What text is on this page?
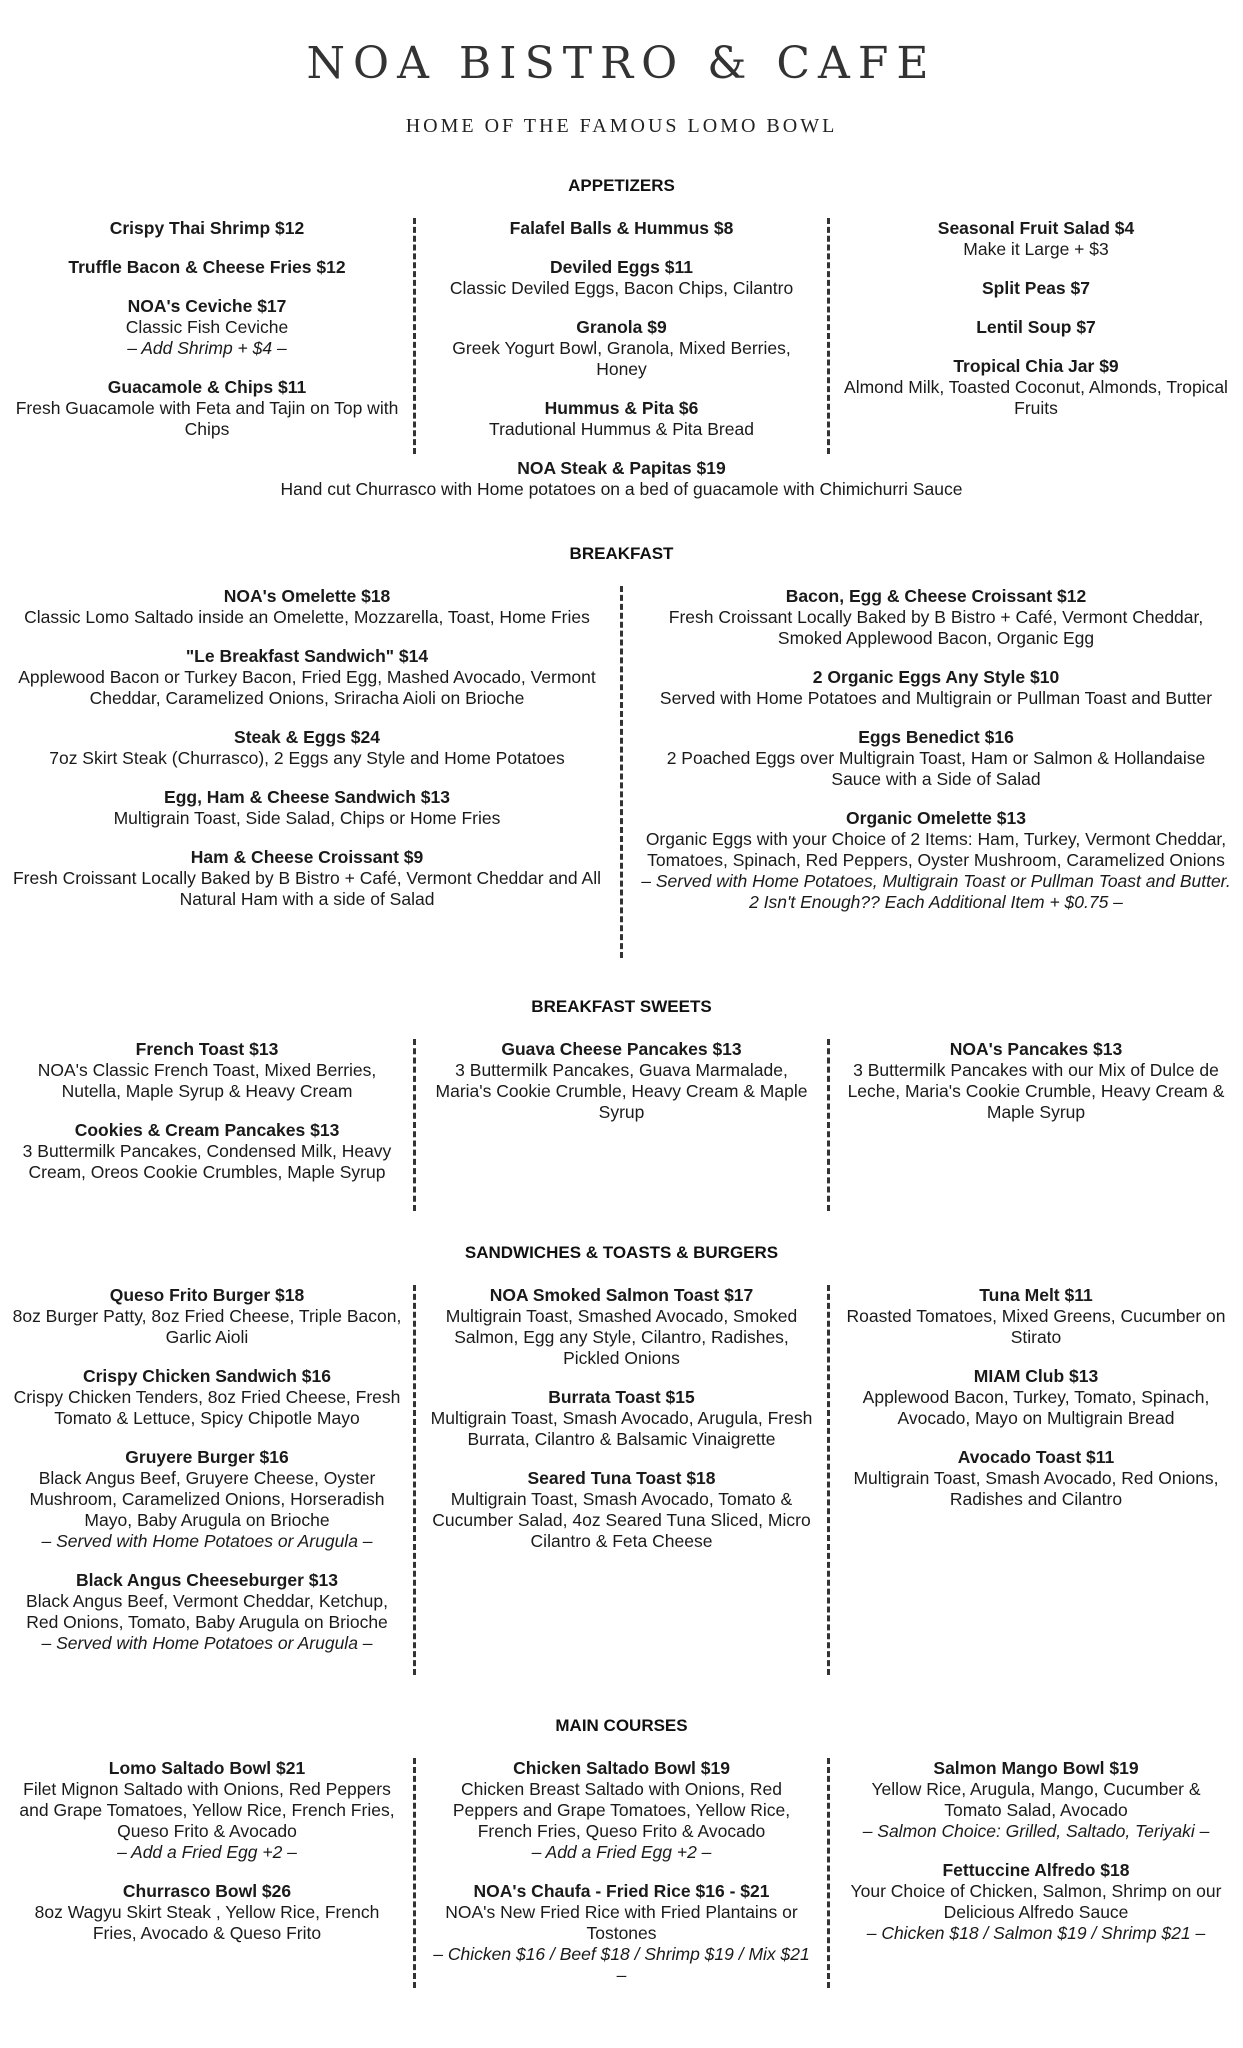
NOA BISTRO & CAFE
HOME OF THE FAMOUS LOMO BOWL
APPETIZERS
Crispy Thai Shrimp $12
Truffle Bacon & Cheese Fries $12
NOA's Ceviche $17
Classic Fish Ceviche
– Add Shrimp + $4 –
Guacamole & Chips $11
Fresh Guacamole with Feta and Tajin on Top with Chips
Falafel Balls & Hummus $8
Deviled Eggs $11
Classic Deviled Eggs, Bacon Chips, Cilantro
Granola $9
Greek Yogurt Bowl, Granola, Mixed Berries, Honey
Hummus & Pita $6
Tradutional Hummus & Pita Bread
Seasonal Fruit Salad $4
Make it Large + $3
Split Peas $7
Lentil Soup $7
Tropical Chia Jar $9
Almond Milk, Toasted Coconut, Almonds, Tropical Fruits
NOA Steak & Papitas $19
Hand cut Churrasco with Home potatoes on a bed of guacamole with Chimichurri Sauce
BREAKFAST
NOA's Omelette $18
Classic Lomo Saltado inside an Omelette, Mozzarella, Toast, Home Fries
"Le Breakfast Sandwich" $14
Applewood Bacon or Turkey Bacon, Fried Egg, Mashed Avocado, Vermont Cheddar, Caramelized Onions, Sriracha Aioli on Brioche
Steak & Eggs $24
7oz Skirt Steak (Churrasco), 2 Eggs any Style and Home Potatoes
Egg, Ham & Cheese Sandwich $13
Multigrain Toast, Side Salad, Chips or Home Fries
Ham & Cheese Croissant $9
Fresh Croissant Locally Baked by B Bistro + Café, Vermont Cheddar and All Natural Ham with a side of Salad
Bacon, Egg & Cheese Croissant $12
Fresh Croissant Locally Baked by B Bistro + Café, Vermont Cheddar, Smoked Applewood Bacon, Organic Egg
2 Organic Eggs Any Style $10
Served with Home Potatoes and Multigrain or Pullman Toast and Butter
Eggs Benedict $16
2 Poached Eggs over Multigrain Toast, Ham or Salmon & Hollandaise Sauce with a Side of Salad
Organic Omelette $13
Organic Eggs with your Choice of 2 Items: Ham, Turkey, Vermont Cheddar, Tomatoes, Spinach, Red Peppers, Oyster Mushroom, Caramelized Onions
– Served with Home Potatoes, Multigrain Toast or Pullman Toast and Butter. 2 Isn't Enough?? Each Additional Item + $0.75 –
BREAKFAST SWEETS
French Toast $13
NOA's Classic French Toast, Mixed Berries, Nutella, Maple Syrup & Heavy Cream
Cookies & Cream Pancakes $13
3 Buttermilk Pancakes, Condensed Milk, Heavy Cream, Oreos Cookie Crumbles, Maple Syrup
Guava Cheese Pancakes $13
3 Buttermilk Pancakes, Guava Marmalade, Maria's Cookie Crumble, Heavy Cream & Maple Syrup
NOA's Pancakes $13
3 Buttermilk Pancakes with our Mix of Dulce de Leche, Maria's Cookie Crumble, Heavy Cream & Maple Syrup
SANDWICHES & TOASTS & BURGERS
Queso Frito Burger $18
8oz Burger Patty, 8oz Fried Cheese, Triple Bacon, Garlic Aioli
Crispy Chicken Sandwich $16
Crispy Chicken Tenders, 8oz Fried Cheese, Fresh Tomato & Lettuce, Spicy Chipotle Mayo
Gruyere Burger $16
Black Angus Beef, Gruyere Cheese, Oyster Mushroom, Caramelized Onions, Horseradish Mayo, Baby Arugula on Brioche
– Served with Home Potatoes or Arugula –
Black Angus Cheeseburger $13
Black Angus Beef, Vermont Cheddar, Ketchup, Red Onions, Tomato, Baby Arugula on Brioche
– Served with Home Potatoes or Arugula –
NOA Smoked Salmon Toast $17
Multigrain Toast, Smashed Avocado, Smoked Salmon, Egg any Style, Cilantro, Radishes, Pickled Onions
Burrata Toast $15
Multigrain Toast, Smash Avocado, Arugula, Fresh Burrata, Cilantro & Balsamic Vinaigrette
Seared Tuna Toast $18
Multigrain Toast, Smash Avocado, Tomato & Cucumber Salad, 4oz Seared Tuna Sliced, Micro Cilantro & Feta Cheese
Tuna Melt $11
Roasted Tomatoes, Mixed Greens, Cucumber on Stirato
MIAM Club $13
Applewood Bacon, Turkey, Tomato, Spinach, Avocado, Mayo on Multigrain Bread
Avocado Toast $11
Multigrain Toast, Smash Avocado, Red Onions, Radishes and Cilantro
MAIN COURSES
Lomo Saltado Bowl $21
Filet Mignon Saltado with Onions, Red Peppers and Grape Tomatoes, Yellow Rice, French Fries, Queso Frito & Avocado
– Add a Fried Egg +2 –
Churrasco Bowl $26
8oz Wagyu Skirt Steak , Yellow Rice, French Fries, Avocado & Queso Frito
Chicken Saltado Bowl $19
Chicken Breast Saltado with Onions, Red Peppers and Grape Tomatoes, Yellow Rice, French Fries, Queso Frito & Avocado
– Add a Fried Egg +2 –
NOA's Chaufa - Fried Rice $16 - $21
NOA's New Fried Rice with Fried Plantains or Tostones
– Chicken $16 / Beef $18 / Shrimp $19 / Mix $21 –
Salmon Mango Bowl $19
Yellow Rice, Arugula, Mango, Cucumber & Tomato Salad, Avocado
– Salmon Choice: Grilled, Saltado, Teriyaki –
Fettuccine Alfredo $18
Your Choice of Chicken, Salmon, Shrimp on our Delicious Alfredo Sauce
– Chicken $18 / Salmon $19 / Shrimp $21 –
